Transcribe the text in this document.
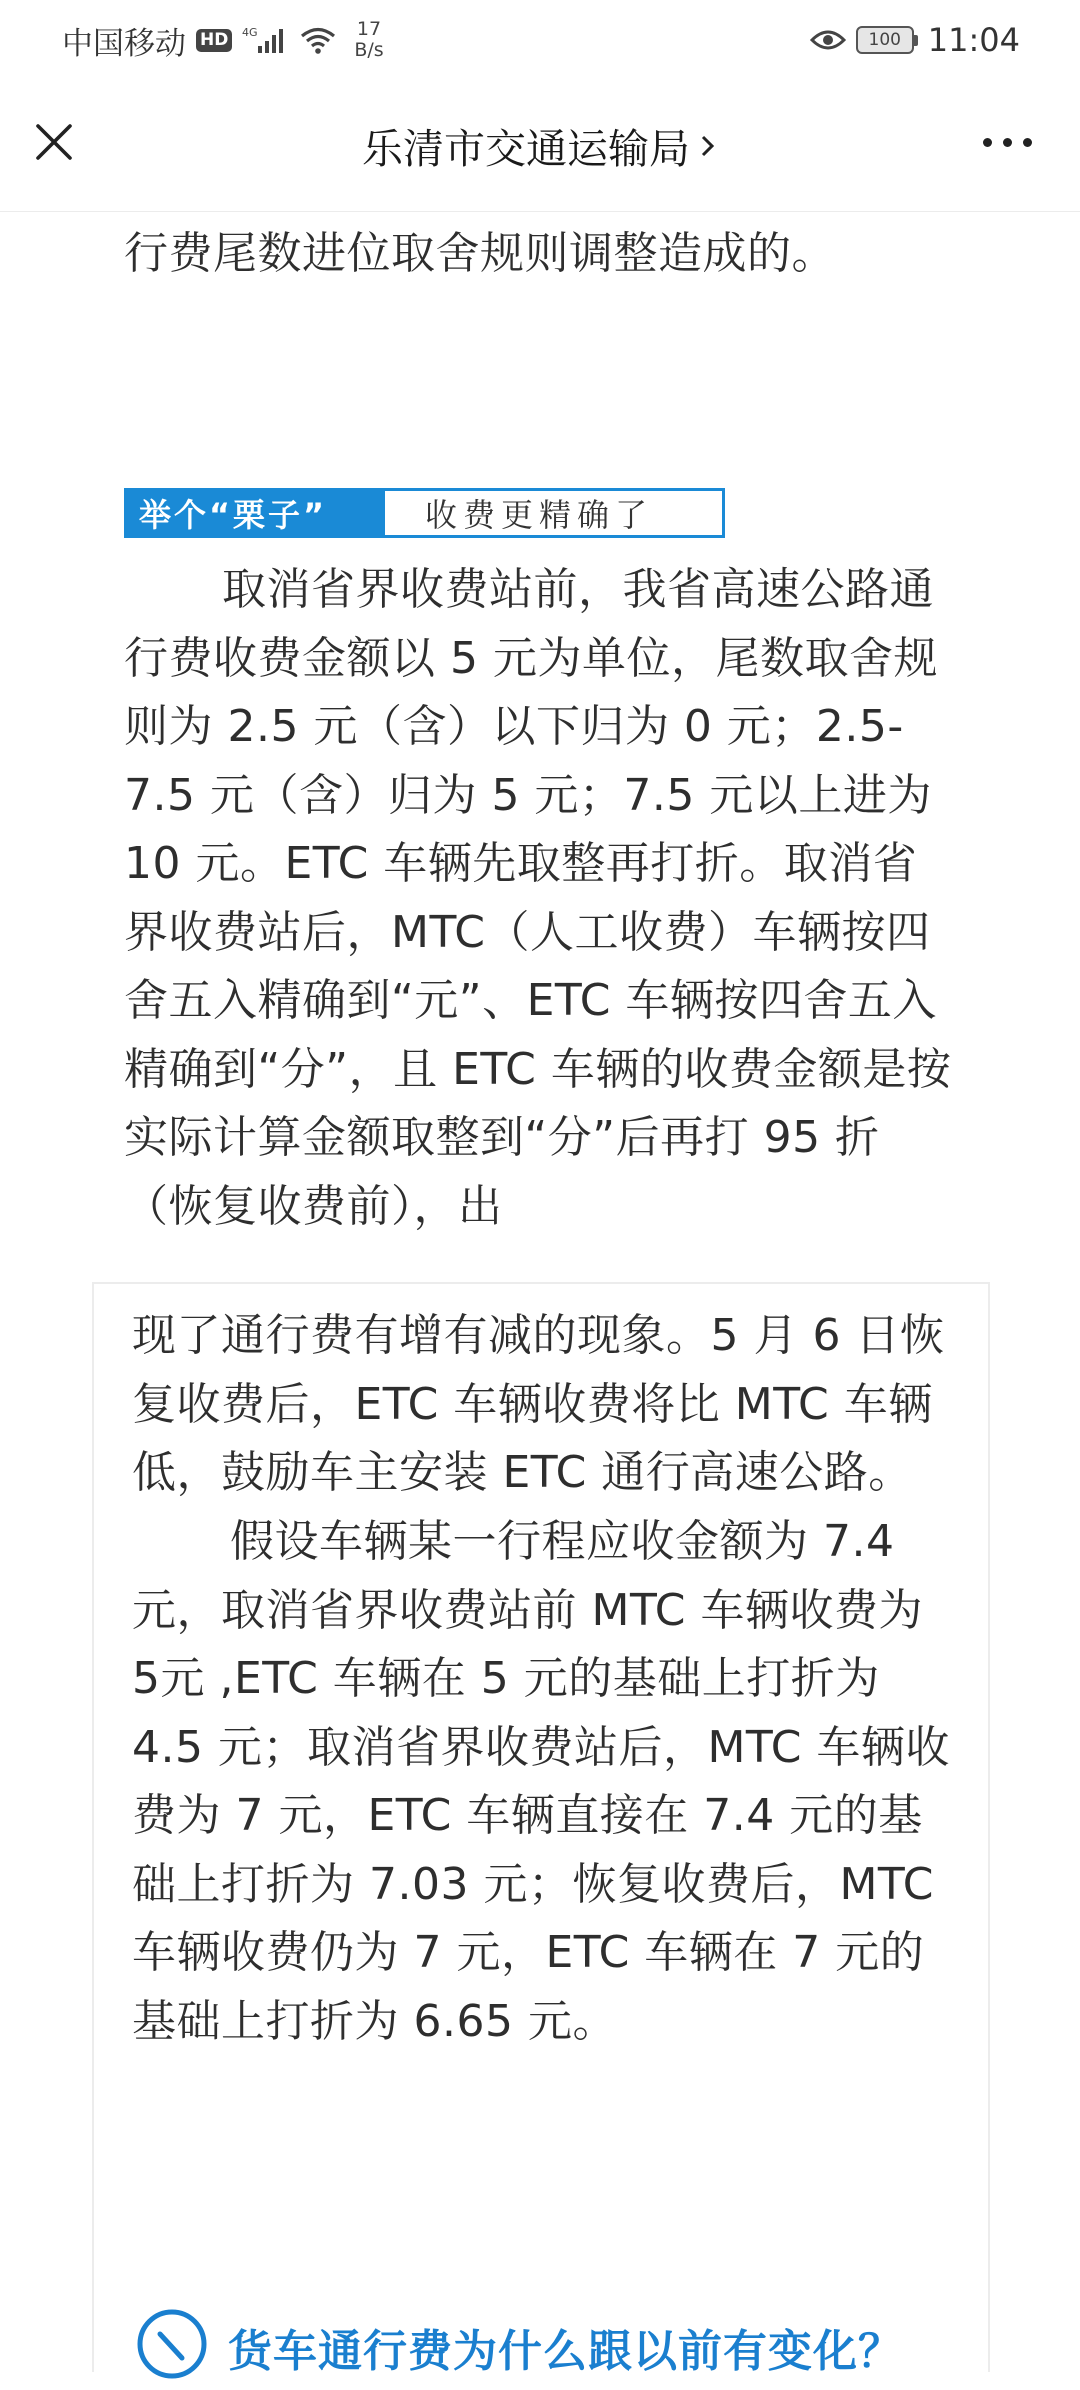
中国移动 HD	4G	17
B/s	100 11:04
乐清市交通运输局

行费尾数进位取舍规则调整造成的。

举个“栗子”	收费更精确了

取消省界收费站前，我省高速公路通行费收费金额以 5 元为单位，尾数取舍规则为 2.5 元（含）以下归为 0 元；2.5-7.5 元（含）归为 5 元；7.5 元以上进为 10 元。ETC 车辆先取整再打折。取消省界收费站后，MTC（人工收费）车辆按四舍五入精确到“元”、ETC 车辆按四舍五入精确到“分”，且 ETC 车辆的收费金额是按实际计算金额取整到“分”后再打 95 折（恢复收费前），出

现了通行费有增有减的现象。5 月 6 日恢复收费后，ETC 车辆收费将比 MTC 车辆低，鼓励车主安装 ETC 通行高速公路。

假设车辆某一行程应收金额为 7.4 元，取消省界收费站前 MTC 车辆收费为 5元 ,ETC 车辆在 5 元的基础上打折为 4.5 元；取消省界收费站后，MTC 车辆收费为 7 元，ETC 车辆直接在 7.4 元的基础上打折为 7.03 元；恢复收费后，MTC 车辆收费仍为 7 元，ETC 车辆在 7 元的基础上打折为 6.65 元。

货车通行费为什么跟以前有变化？
